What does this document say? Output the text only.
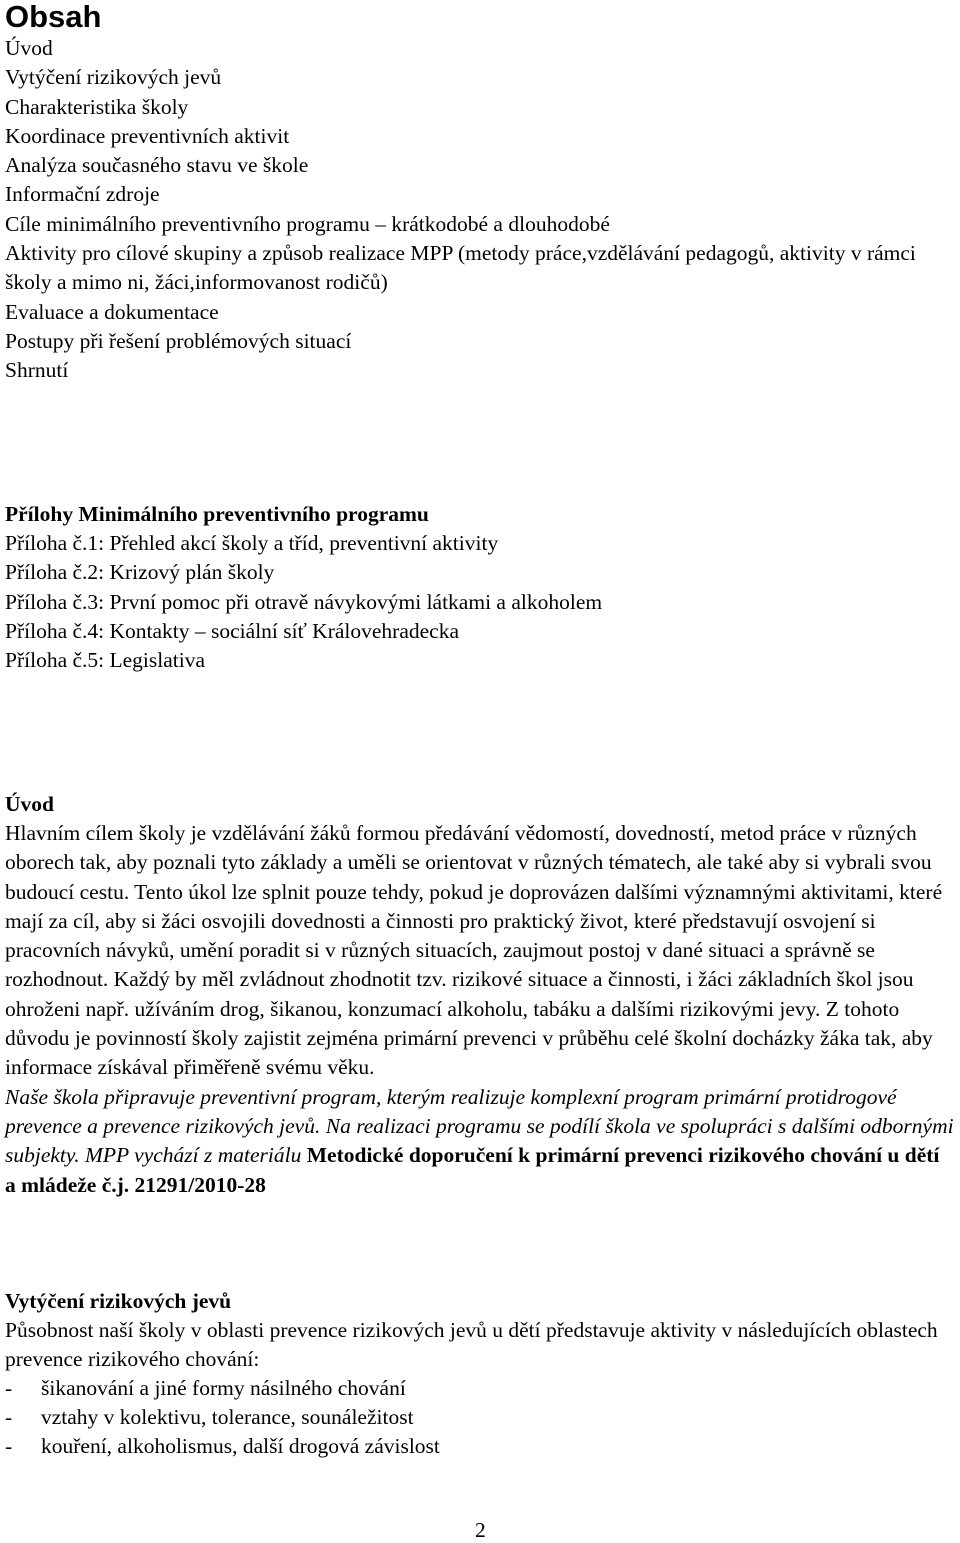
Obsah
Úvod
Vytýčení rizikových jevů
Charakteristika školy
Koordinace preventivních aktivit
Analýza současného stavu ve škole
Informační zdroje
Cíle minimálního preventivního programu – krátkodobé a dlouhodobé
Aktivity pro cílové skupiny a způsob realizace MPP (metody práce,vzdělávání pedagogů, aktivity v rámci školy a mimo ni, žáci,informovanost rodičů)
Evaluace a dokumentace
Postupy při řešení problémových situací
Shrnutí
Přílohy Minimálního preventivního programu
Příloha č.1: Přehled akcí školy a tříd, preventivní aktivity
Příloha č.2: Krizový plán školy
Příloha č.3: První pomoc při otravě návykovými látkami a alkoholem
Příloha č.4: Kontakty – sociální síť Královehradecka
Příloha č.5: Legislativa
Úvod

Hlavním cílem školy je vzdělávání žáků formou předávání vědomostí, dovedností, metod práce v různých oborech tak, aby poznali tyto základy a uměli se orientovat v různých tématech, ale také aby si vybrali svou budoucí cestu. Tento úkol lze splnit pouze tehdy, pokud je doprovázen dalšími významnými aktivitami, které mají za cíl, aby si žáci osvojili dovednosti a činnosti pro praktický život, které představují osvojení si pracovních návyků, umění poradit si v různých situacích, zaujmout postoj v dané situaci a správně se rozhodnout. Každý by měl zvládnout zhodnotit tzv. rizikové situace a činnosti, i žáci základních škol jsou ohroženi např. užíváním drog, šikanou, konzumací alkoholu, tabáku a dalšími rizikovými jevy. Z tohoto důvodu je povinností školy zajistit zejména primární prevenci v průběhu celé školní docházky žáka tak, aby informace získával přiměřeně svému věku.
Naše škola připravuje preventivní program, kterým realizuje komplexní program primární protidrogové prevence a prevence rizikových jevů. Na realizaci programu se podílí škola ve spolupráci s dalšími odbornými subjekty. MPP vychází z materiálu Metodické doporučení k primární prevenci rizikového chování u dětí a mládeže č.j. 21291/2010-28

Vytýčení rizikových jevů

Působnost naší školy v oblasti prevence rizikových jevů u dětí představuje aktivity v následujících oblastech prevence rizikového chování:

- šikanování a jiné formy násilného chování
- vztahy v kolektivu, tolerance, sounáležitost
- kouření, alkoholismus, další drogová závislost

2
